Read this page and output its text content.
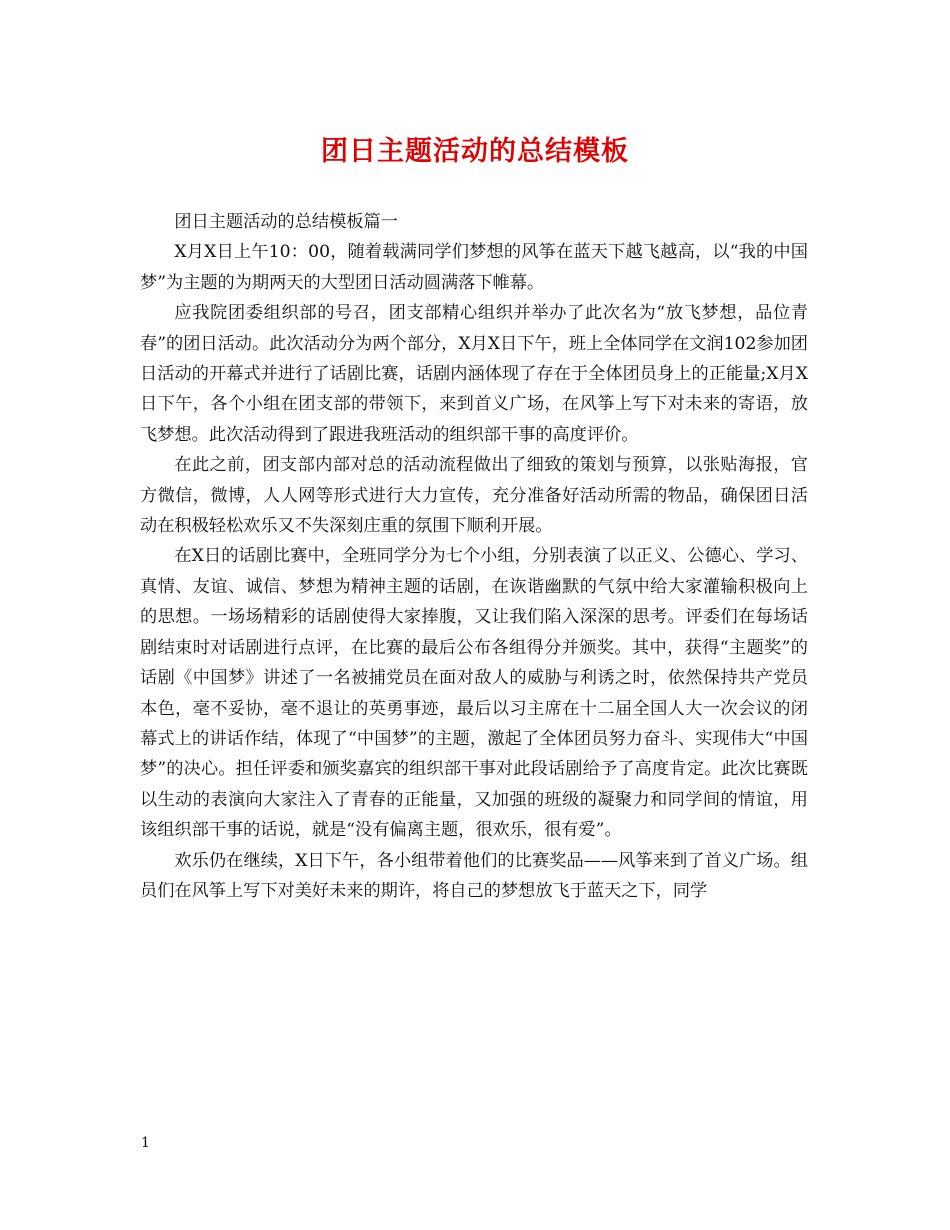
团日主题活动的总结模板

团日主题活动的总结模板篇一

X月X日上午10：00，随着载满同学们梦想的风筝在蓝天下越飞越高，以“我的中国梦”为主题的为期两天的大型团日活动圆满落下帷幕。

应我院团委组织部的号召，团支部精心组织并举办了此次名为“放飞梦想，品位青春”的团日活动。此次活动分为两个部分，X月X日下午，班上全体同学在文润102参加团日活动的开幕式并进行了话剧比赛，话剧内涵体现了存在于全体团员身上的正能量;X月X日下午，各个小组在团支部的带领下，来到首义广场，在风筝上写下对未来的寄语，放飞梦想。此次活动得到了跟进我班活动的组织部干事的高度评价。

在此之前，团支部内部对总的活动流程做出了细致的策划与预算，以张贴海报，官方微信，微博，人人网等形式进行大力宣传，充分准备好活动所需的物品，确保团日活动在积极轻松欢乐又不失深刻庄重的氛围下顺利开展。

在X日的话剧比赛中，全班同学分为七个小组，分别表演了以正义、公德心、学习、真情、友谊、诚信、梦想为精神主题的话剧，在诙谐幽默的气氛中给大家灌输积极向上的思想。一场场精彩的话剧使得大家捧腹，又让我们陷入深深的思考。评委们在每场话剧结束时对话剧进行点评，在比赛的最后公布各组得分并颁奖。其中，获得“主题奖”的话剧《中国梦》讲述了一名被捕党员在面对敌人的威胁与利诱之时，依然保持共产党员本色，毫不妥协，毫不退让的英勇事迹，最后以习主席在十二届全国人大一次会议的闭幕式上的讲话作结，体现了“中国梦”的主题，激起了全体团员努力奋斗、实现伟大“中国梦”的决心。担任评委和颁奖嘉宾的组织部干事对此段话剧给予了高度肯定。此次比赛既以生动的表演向大家注入了青春的正能量，又加强的班级的凝聚力和同学间的情谊，用该组织部干事的话说，就是“没有偏离主题，很欢乐，很有爱”。

欢乐仍在继续，X日下午，各小组带着他们的比赛奖品——风筝来到了首义广场。组员们在风筝上写下对美好未来的期许，将自己的梦想放飞于蓝天之下，同学

1
